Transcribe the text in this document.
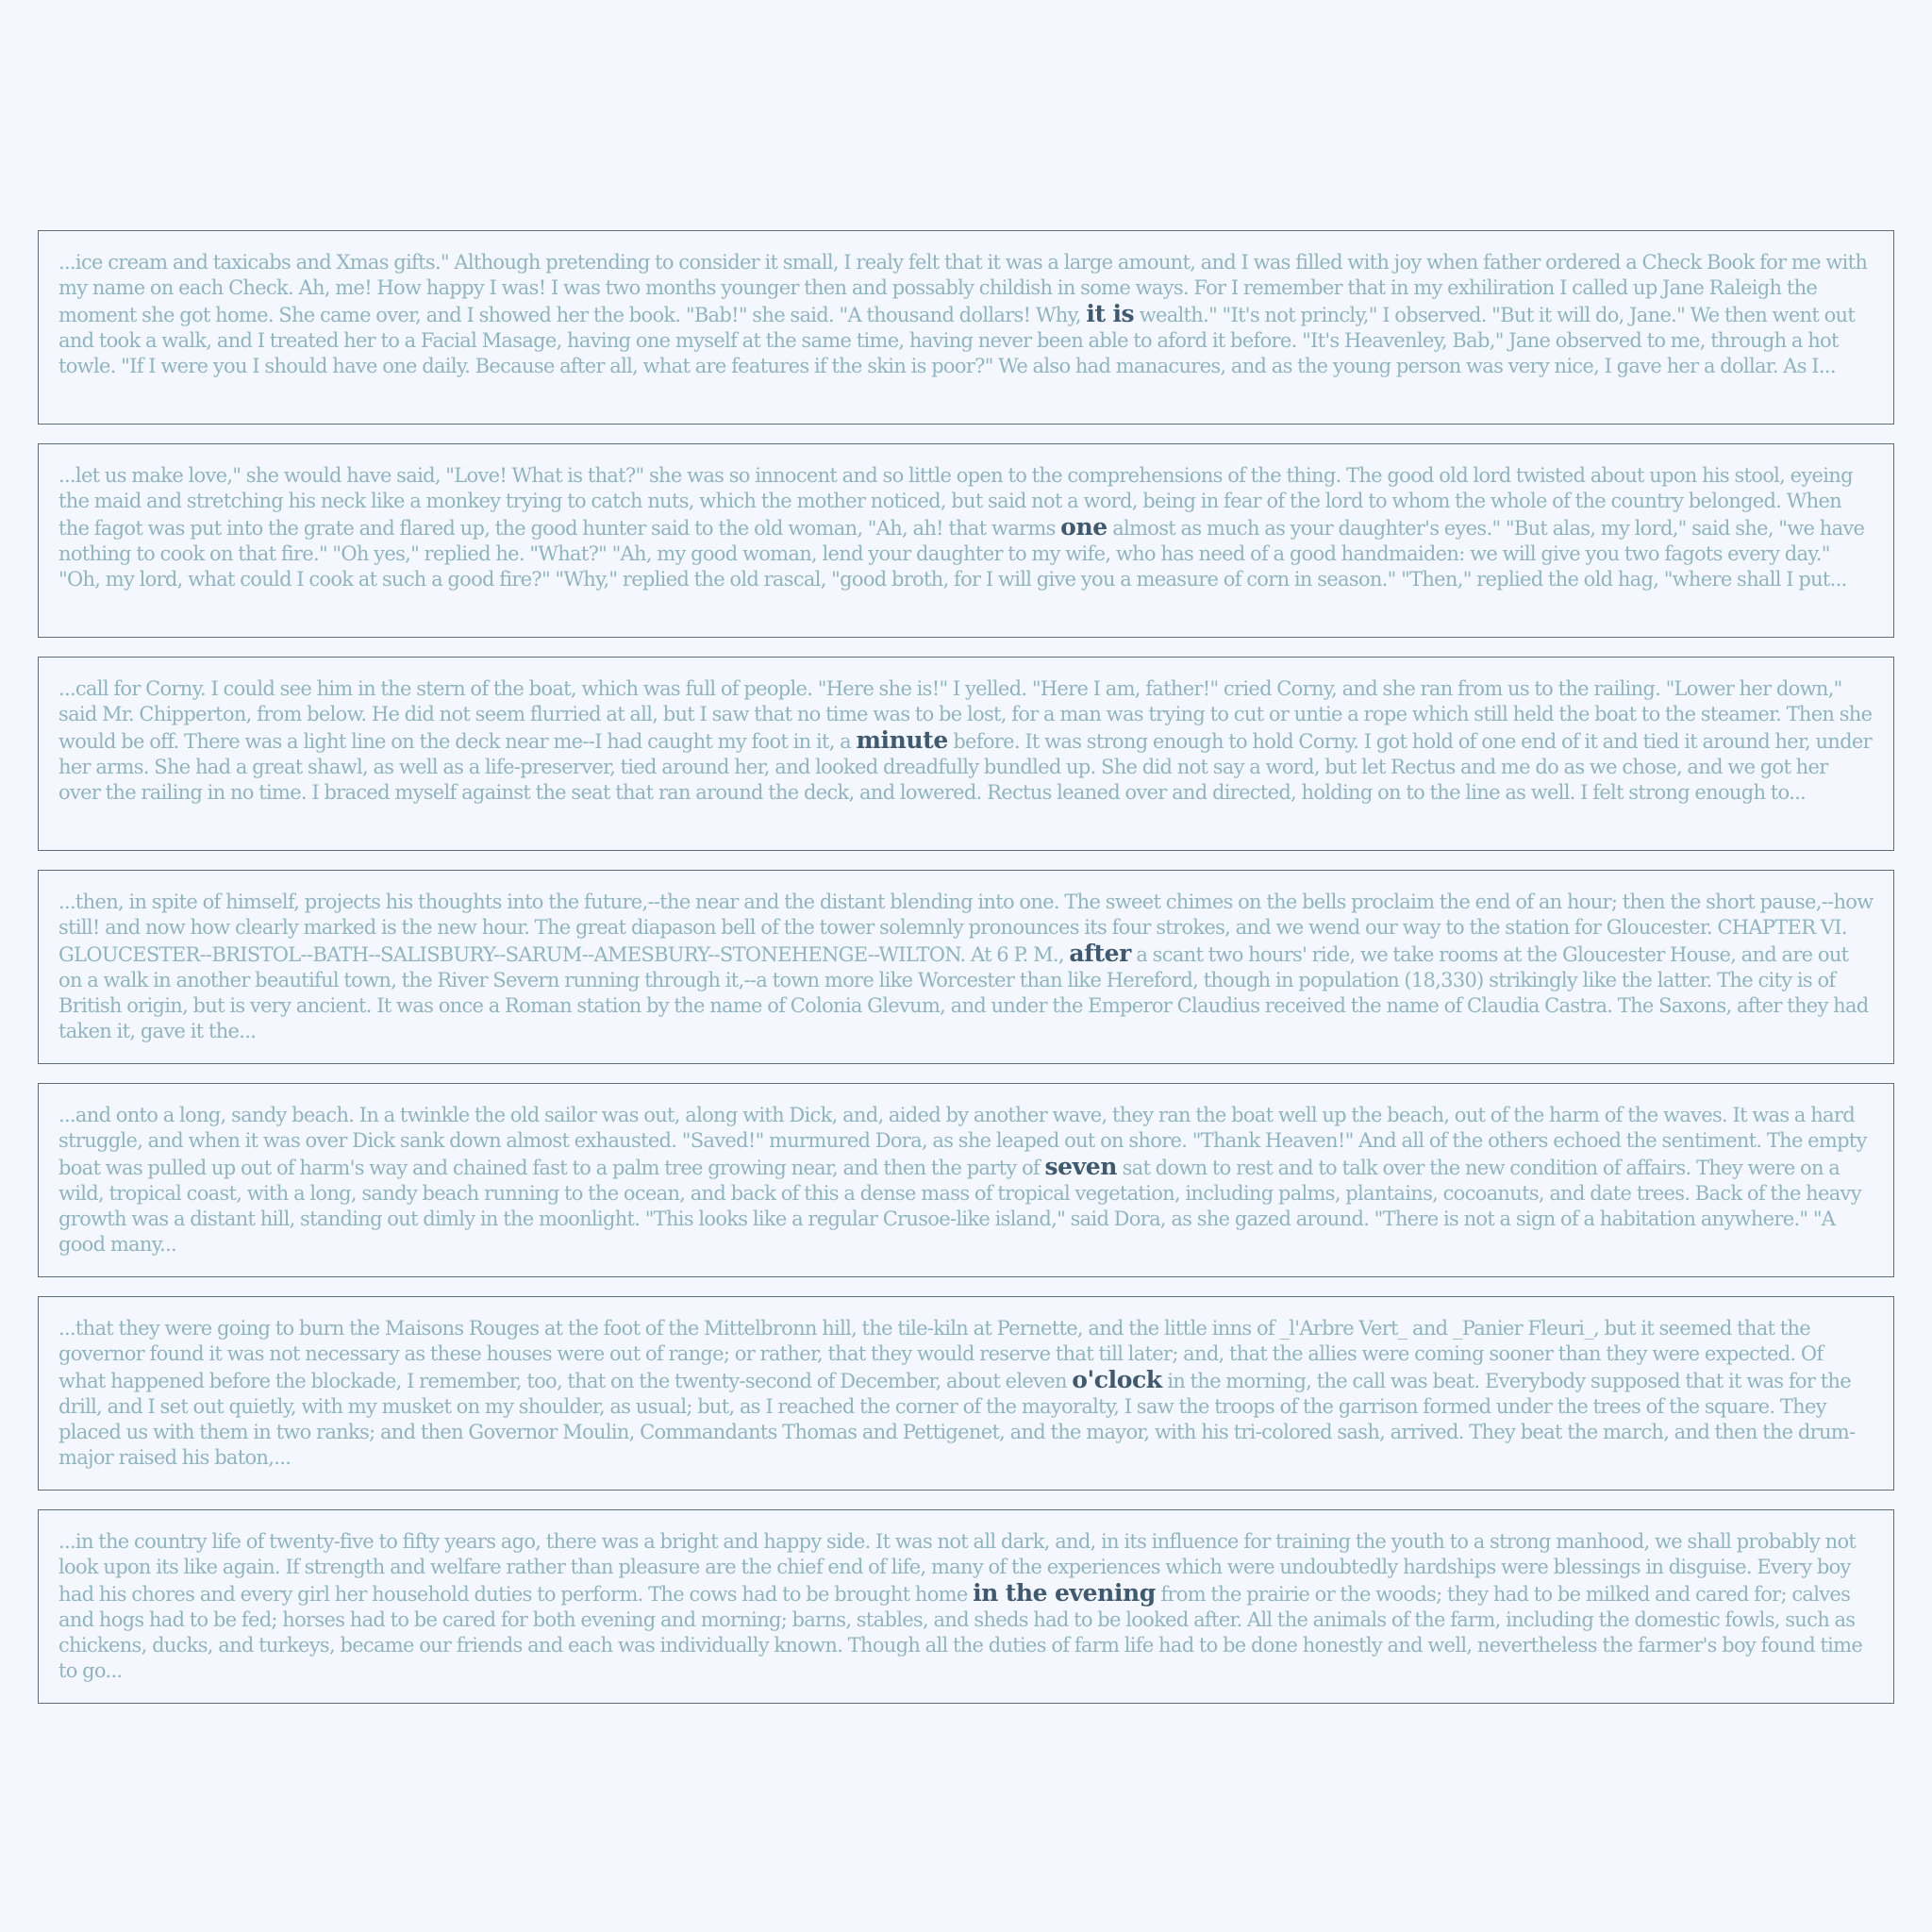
...ice cream and taxicabs and Xmas gifts." Although pretending to consider it small, I realy felt that it was a large amount, and I was filled with joy when father ordered a Check Book for me with my name on each Check. Ah, me! How happy I was! I was two months younger then and possably childish in some ways. For I remember that in my exhiliration I called up Jane Raleigh the moment she got home. She came over, and I showed her the book. "Bab!" she said. "A thousand dollars! Why, it is wealth." "It's not princly," I observed. "But it will do, Jane." We then went out and took a walk, and I treated her to a Facial Masage, having one myself at the same time, having never been able to aford it before. "It's Heavenley, Bab," Jane observed to me, through a hot towle. "If I were you I should have one daily. Because after all, what are features if the skin is poor?" We also had manacures, and as the young person was very nice, I gave her a dollar. As I...

...let us make love," she would have said, "Love! What is that?" she was so innocent and so little open to the comprehensions of the thing. The good old lord twisted about upon his stool, eyeing the maid and stretching his neck like a monkey trying to catch nuts, which the mother noticed, but said not a word, being in fear of the lord to whom the whole of the country belonged. When the fagot was put into the grate and flared up, the good hunter said to the old woman, "Ah, ah! that warms one almost as much as your daughter's eyes." "But alas, my lord," said she, "we have nothing to cook on that fire." "Oh yes," replied he. "What?" "Ah, my good woman, lend your daughter to my wife, who has need of a good handmaiden: we will give you two fagots every day." "Oh, my lord, what could I cook at such a good fire?" "Why," replied the old rascal, "good broth, for I will give you a measure of corn in season." "Then," replied the old hag, "where shall I put...

...call for Corny. I could see him in the stern of the boat, which was full of people. "Here she is!" I yelled. "Here I am, father!" cried Corny, and she ran from us to the railing. "Lower her down," said Mr. Chipperton, from below. He did not seem flurried at all, but I saw that no time was to be lost, for a man was trying to cut or untie a rope which still held the boat to the steamer. Then she would be off. There was a light line on the deck near me--I had caught my foot in it, a minute before. It was strong enough to hold Corny. I got hold of one end of it and tied it around her, under her arms. She had a great shawl, as well as a life-preserver, tied around her, and looked dreadfully bundled up. She did not say a word, but let Rectus and me do as we chose, and we got her over the railing in no time. I braced myself against the seat that ran around the deck, and lowered. Rectus leaned over and directed, holding on to the line as well. I felt strong enough to...

...then, in spite of himself, projects his thoughts into the future,--the near and the distant blending into one. The sweet chimes on the bells proclaim the end of an hour; then the short pause,--how still! and now how clearly marked is the new hour. The great diapason bell of the tower solemnly pronounces its four strokes, and we wend our way to the station for Gloucester. CHAPTER VI. GLOUCESTER--BRISTOL--BATH--SALISBURY--SARUM--AMESBURY--STONEHENGE--WILTON. At 6 P. M., after a scant two hours' ride, we take rooms at the Gloucester House, and are out on a walk in another beautiful town, the River Severn running through it,--a town more like Worcester than like Hereford, though in population (18,330) strikingly like the latter. The city is of British origin, but is very ancient. It was once a Roman station by the name of Colonia Glevum, and under the Emperor Claudius received the name of Claudia Castra. The Saxons, after they had taken it, gave it the...

...and onto a long, sandy beach. In a twinkle the old sailor was out, along with Dick, and, aided by another wave, they ran the boat well up the beach, out of the harm of the waves. It was a hard struggle, and when it was over Dick sank down almost exhausted. "Saved!" murmured Dora, as she leaped out on shore. "Thank Heaven!" And all of the others echoed the sentiment. The empty boat was pulled up out of harm's way and chained fast to a palm tree growing near, and then the party of seven sat down to rest and to talk over the new condition of affairs. They were on a wild, tropical coast, with a long, sandy beach running to the ocean, and back of this a dense mass of tropical vegetation, including palms, plantains, cocoanuts, and date trees. Back of the heavy growth was a distant hill, standing out dimly in the moonlight. "This looks like a regular Crusoe-like island," said Dora, as she gazed around. "There is not a sign of a habitation anywhere." "A good many...

...that they were going to burn the Maisons Rouges at the foot of the Mittelbronn hill, the tile-kiln at Pernette, and the little inns of _l'Arbre Vert_ and _Panier Fleuri_, but it seemed that the governor found it was not necessary as these houses were out of range; or rather, that they would reserve that till later; and, that the allies were coming sooner than they were expected. Of what happened before the blockade, I remember, too, that on the twenty-second of December, about eleven o'clock in the morning, the call was beat. Everybody supposed that it was for the drill, and I set out quietly, with my musket on my shoulder, as usual; but, as I reached the corner of the mayoralty, I saw the troops of the garrison formed under the trees of the square. They placed us with them in two ranks; and then Governor Moulin, Commandants Thomas and Pettigenet, and the mayor, with his tri-colored sash, arrived. They beat the march, and then the drum-major raised his baton,...

...in the country life of twenty-five to fifty years ago, there was a bright and happy side. It was not all dark, and, in its influence for training the youth to a strong manhood, we shall probably not look upon its like again. If strength and welfare rather than pleasure are the chief end of life, many of the experiences which were undoubtedly hardships were blessings in disguise. Every boy had his chores and every girl her household duties to perform. The cows had to be brought home in the evening from the prairie or the woods; they had to be milked and cared for; calves and hogs had to be fed; horses had to be cared for both evening and morning; barns, stables, and sheds had to be looked after. All the animals of the farm, including the domestic fowls, such as chickens, ducks, and turkeys, became our friends and each was individually known. Though all the duties of farm life had to be done honestly and well, nevertheless the farmer's boy found time to go...
